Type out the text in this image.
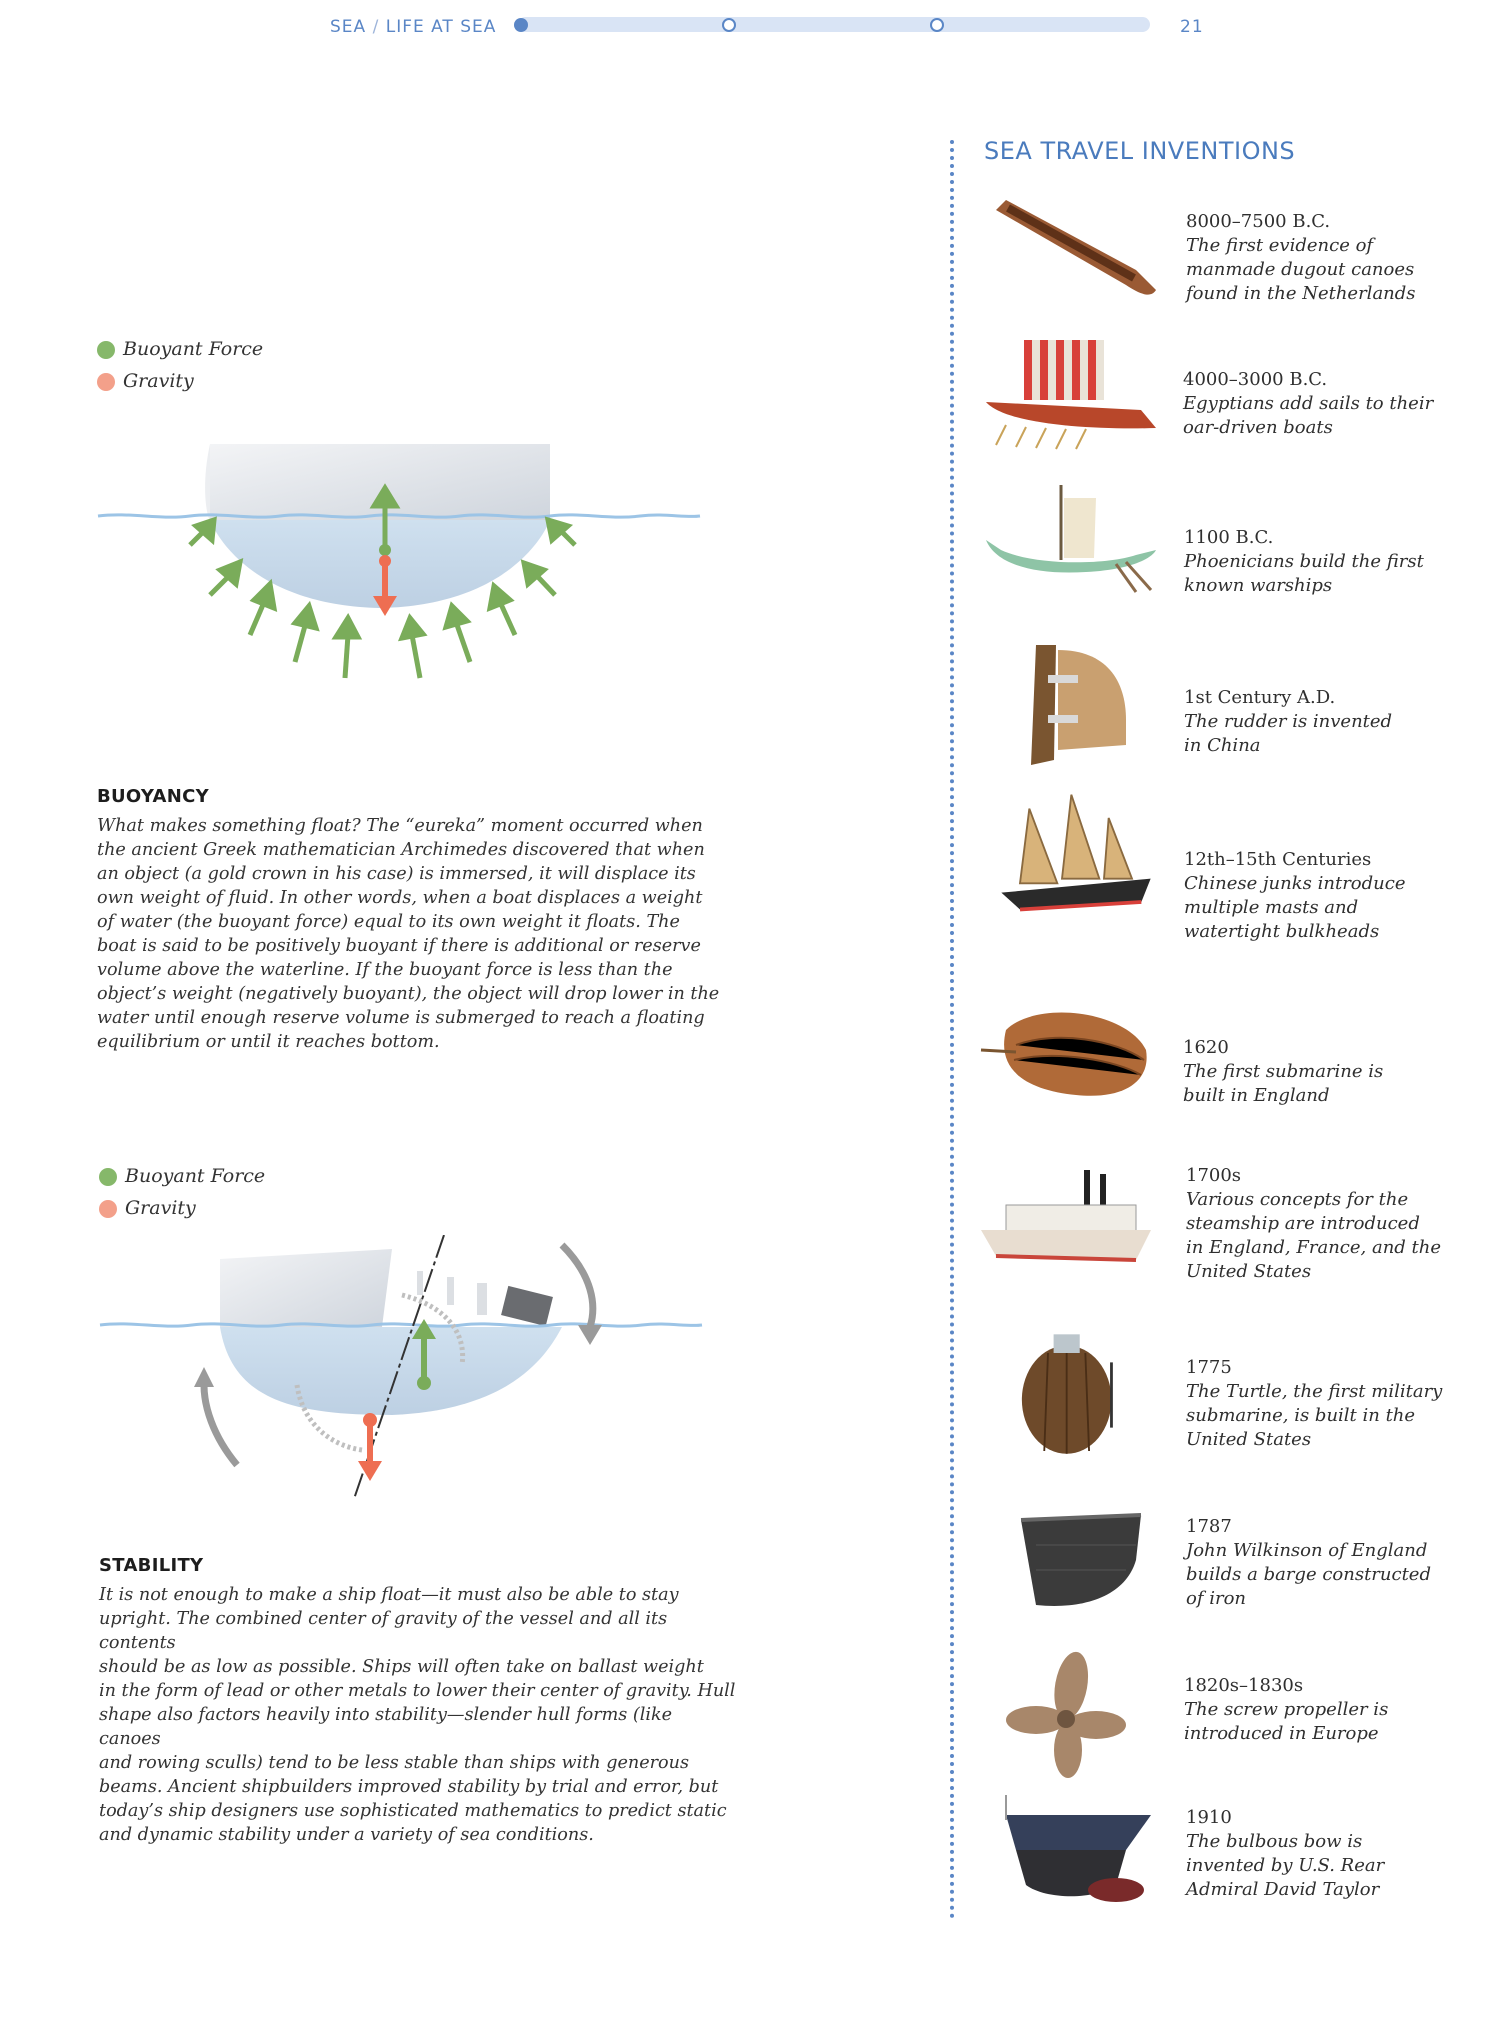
SEA / LIFE AT SEA	21
Buoyant Force
Gravity
BUOYANCY
What makes something float? The “eureka” moment occurred when
the ancient Greek mathematician Archimedes discovered that when
an object (a gold crown in his case) is immersed, it will displace its
own weight of fluid. In other words, when a boat displaces a weight
of water (the buoyant force) equal to its own weight it floats. The
boat is said to be positively buoyant if there is additional or reserve
volume above the waterline. If the buoyant force is less than the
object’s weight (negatively buoyant), the object will drop lower in the
water until enough reserve volume is submerged to reach a floating
equilibrium or until it reaches bottom.
Buoyant Force
Gravity
STABILITY
It is not enough to make a ship float—it must also be able to stay
upright. The combined center of gravity of the vessel and all its contents
should be as low as possible. Ships will often take on ballast weight
in the form of lead or other metals to lower their center of gravity. Hull
shape also factors heavily into stability—slender hull forms (like canoes
and rowing sculls) tend to be less stable than ships with generous
beams. Ancient shipbuilders improved stability by trial and error, but
today’s ship designers use sophisticated mathematics to predict static
and dynamic stability under a variety of sea conditions.
SEA TRAVEL INVENTIONS
8000–7500 B.C.
The first evidence of
manmade dugout canoes
found in the Netherlands
4000–3000 B.C.
Egyptians add sails to their
oar-driven boats
1100 B.C.
Phoenicians build the first
known warships
1st Century A.D.
The rudder is invented
in China
12th–15th Centuries
Chinese junks introduce
multiple masts and
watertight bulkheads
1620
The first submarine is
built in England
1700s
Various concepts for the
steamship are introduced
in England, France, and the
United States
1775
The Turtle, the first military
submarine, is built in the
United States
1787
John Wilkinson of England
builds a barge constructed
of iron
1820s–1830s
The screw propeller is
introduced in Europe
1910
The bulbous bow is
invented by U.S. Rear
Admiral David Taylor
